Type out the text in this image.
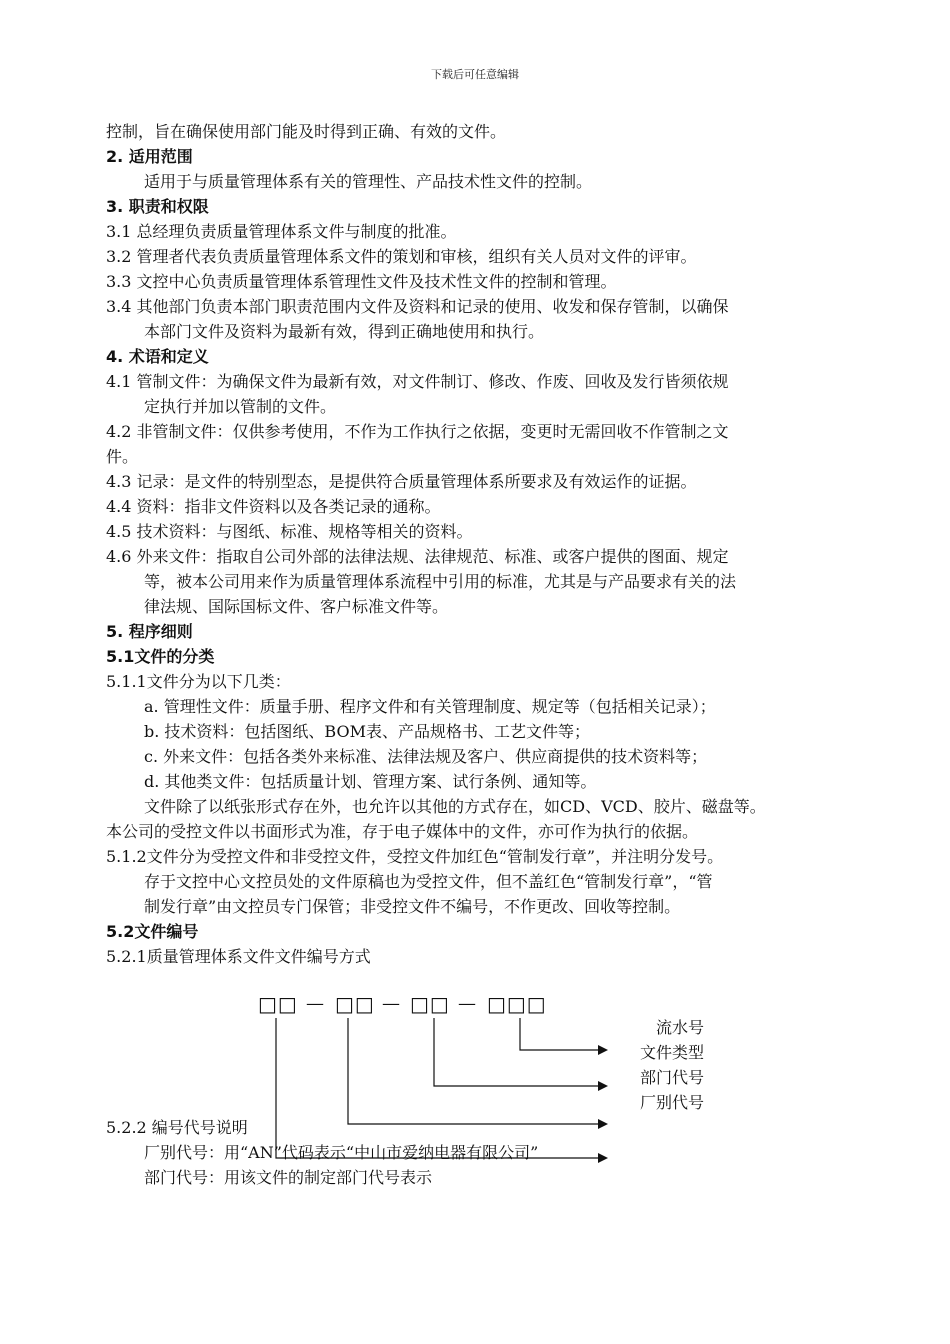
下载后可任意编辑
控制，旨在确保使用部门能及时得到正确、有效的文件。
2. 适用范围
适用于与质量管理体系有关的管理性、产品技术性文件的控制。
3. 职责和权限
3.1 总经理负责质量管理体系文件与制度的批准。
3.2 管理者代表负责质量管理体系文件的策划和审核，组织有关人员对文件的评审。
3.3 文控中心负责质量管理体系管理性文件及技术性文件的控制和管理。
3.4 其他部门负责本部门职责范围内文件及资料和记录的使用、收发和保存管制，以确保
本部门文件及资料为最新有效，得到正确地使用和执行。
4. 术语和定义
4.1 管制文件：为确保文件为最新有效，对文件制订、修改、作废、回收及发行皆须依规
定执行并加以管制的文件。
4.2 非管制文件：仅供参考使用，不作为工作执行之依据，变更时无需回收不作管制之文
件。
4.3 记录：是文件的特别型态，是提供符合质量管理体系所要求及有效运作的证据。
4.4 资料：指非文件资料以及各类记录的通称。
4.5 技术资料：与图纸、标准、规格等相关的资料。
4.6 外来文件：指取自公司外部的法律法规、法律规范、标准、或客户提供的图面、规定
等，被本公司用来作为质量管理体系流程中引用的标准，尤其是与产品要求有关的法
律法规、国际国标文件、客户标准文件等。
5. 程序细则
5.1文件的分类
5.1.1文件分为以下几类：
a. 管理性文件：质量手册、程序文件和有关管理制度、规定等（包括相关记录）；
b. 技术资料：包括图纸、BOM表、产品规格书、工艺文件等；
c. 外来文件：包括各类外来标准、法律法规及客户、供应商提供的技术资料等；
d. 其他类文件：包括质量计划、管理方案、试行条例、通知等。
文件除了以纸张形式存在外，也允许以其他的方式存在，如CD、VCD、胶片、磁盘等。
本公司的受控文件以书面形式为准，存于电子媒体中的文件，亦可作为执行的依据。
5.1.2文件分为受控文件和非受控文件，受控文件加红色“管制发行章”，并注明分发号。
存于文控中心文控员处的文件原稿也为受控文件，但不盖红色“管制发行章”，“管
制发行章”由文控员专门保管；非受控文件不编号，不作更改、回收等控制。
5.2文件编号
5.2.1质量管理体系文件文件编号方式
□□ — □□ — □□ — □□□
流水号
文件类型
部门代号
厂别代号
5.2.2 编号代号说明
厂别代号：用“AN”代码表示“中山市爱纳电器有限公司”
部门代号：用该文件的制定部门代号表示
